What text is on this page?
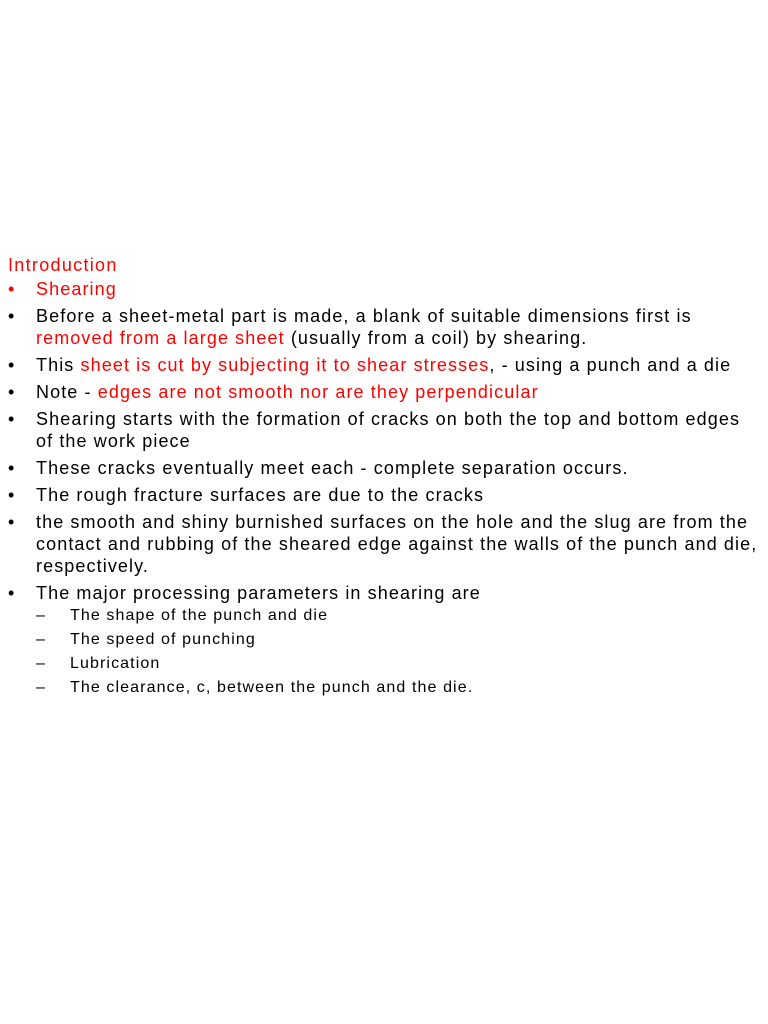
Introduction
•	Shearing
•	Before a sheet-metal part is made, a blank of suitable dimensions first is removed from a large sheet (usually from a coil) by shearing.
•	This sheet is cut by subjecting it to shear stresses, - using a punch and a die
•	Note - edges are not smooth nor are they perpendicular
•	Shearing starts with the formation of cracks on both the top and bottom edges of the work piece
•	These cracks eventually meet each - complete separation occurs.
•	The rough fracture surfaces are due to the cracks
•	the smooth and shiny burnished surfaces on the hole and the slug are from the contact and rubbing of the sheared edge against the walls of the punch and die, respectively.
•	The major processing parameters in shearing are
– The shape of the punch and die
– The speed of punching
– Lubrication
– The clearance, c, between the punch and the die.
